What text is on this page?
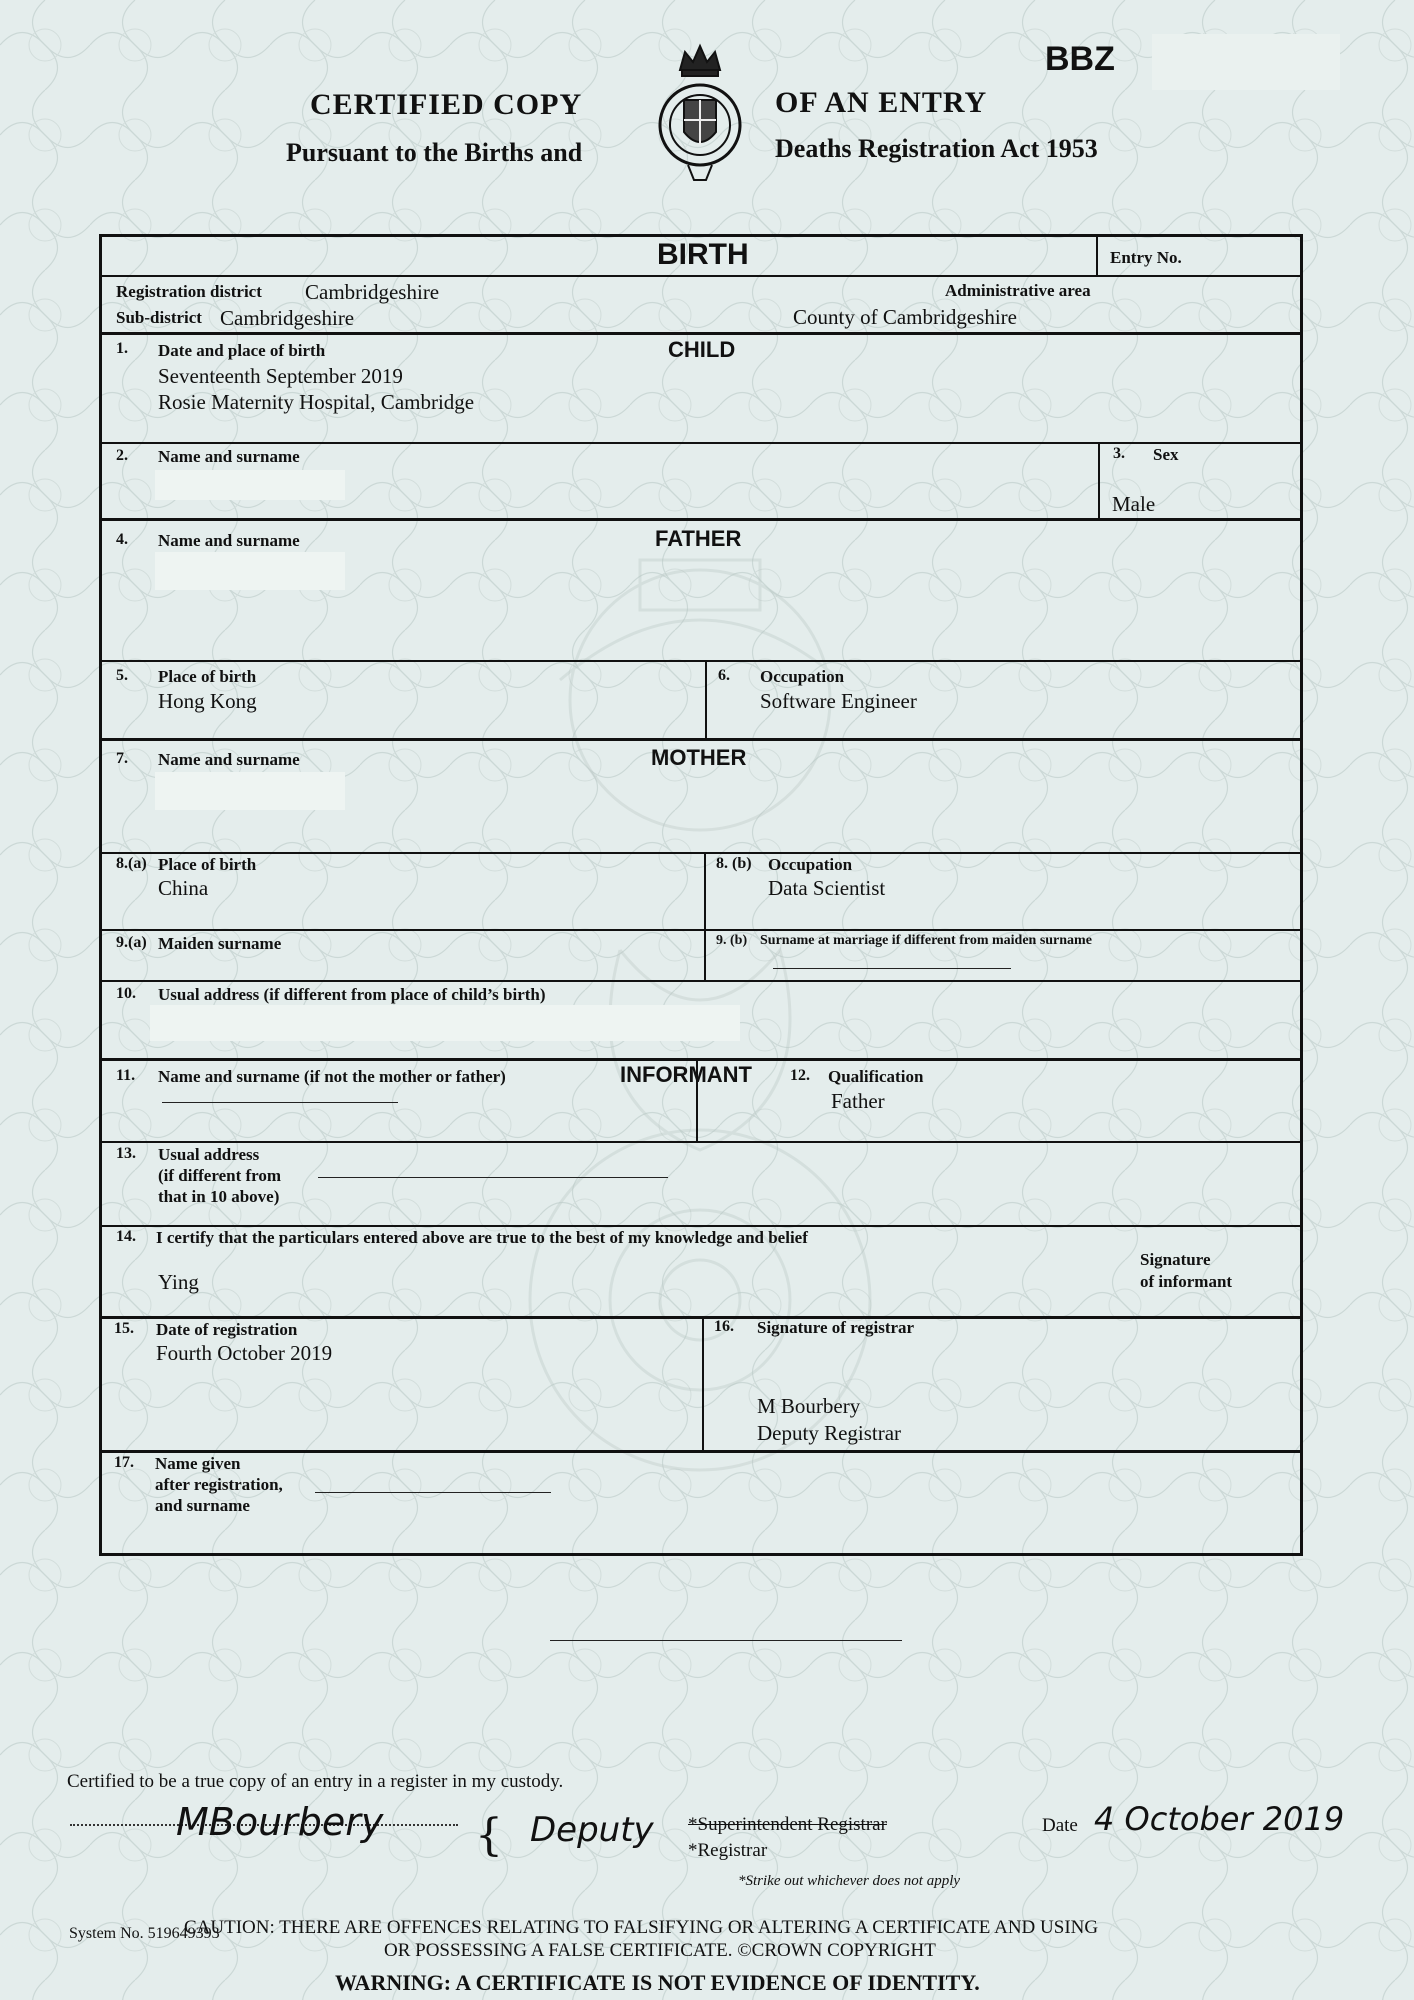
CERTIFIED COPY
Pursuant to the Births and
OF AN ENTRY
Deaths Registration Act 1953
BBZ
BIRTH	Entry No.
Registration district Cambridgeshire
Sub-district Cambridgeshire
Administrative area
County of Cambridgeshire
CHILD
1. Date and place of birth
Seventeenth September 2019
Rosie Maternity Hospital, Cambridge
2. Name and surname	3. Sex
Male
FATHER
4. Name and surname
5. Place of birth
Hong Kong
6. Occupation
Software Engineer
MOTHER
7. Name and surname
8.(a) Place of birth
China
8. (b) Occupation
Data Scientist
9.(a) Maiden surname	9. (b) Surname at marriage if different from maiden surname
10. Usual address (if different from place of child’s birth)
INFORMANT
11. Name and surname (if not the mother or father)	12. Qualification
Father
13. Usual address
(if different from
that in 10 above)
14. I certify that the particulars entered above are true to the best of my knowledge and belief
Ying
Signature
of informant
15. Date of registration
Fourth October 2019
16. Signature of registrar
M Bourbery
Deputy Registrar
17. Name given
after registration,
and surname
Certified to be a true copy of an entry in a register in my custody.
MBourbery { Deputy *Superintendent Registrar
*Registrar
*Strike out whichever does not apply
Date 4 October 2019
System No. 519649393
CAUTION: THERE ARE OFFENCES RELATING TO FALSIFYING OR ALTERING A CERTIFICATE AND USING
OR POSSESSING A FALSE CERTIFICATE. ©CROWN COPYRIGHT
WARNING: A CERTIFICATE IS NOT EVIDENCE OF IDENTITY.
